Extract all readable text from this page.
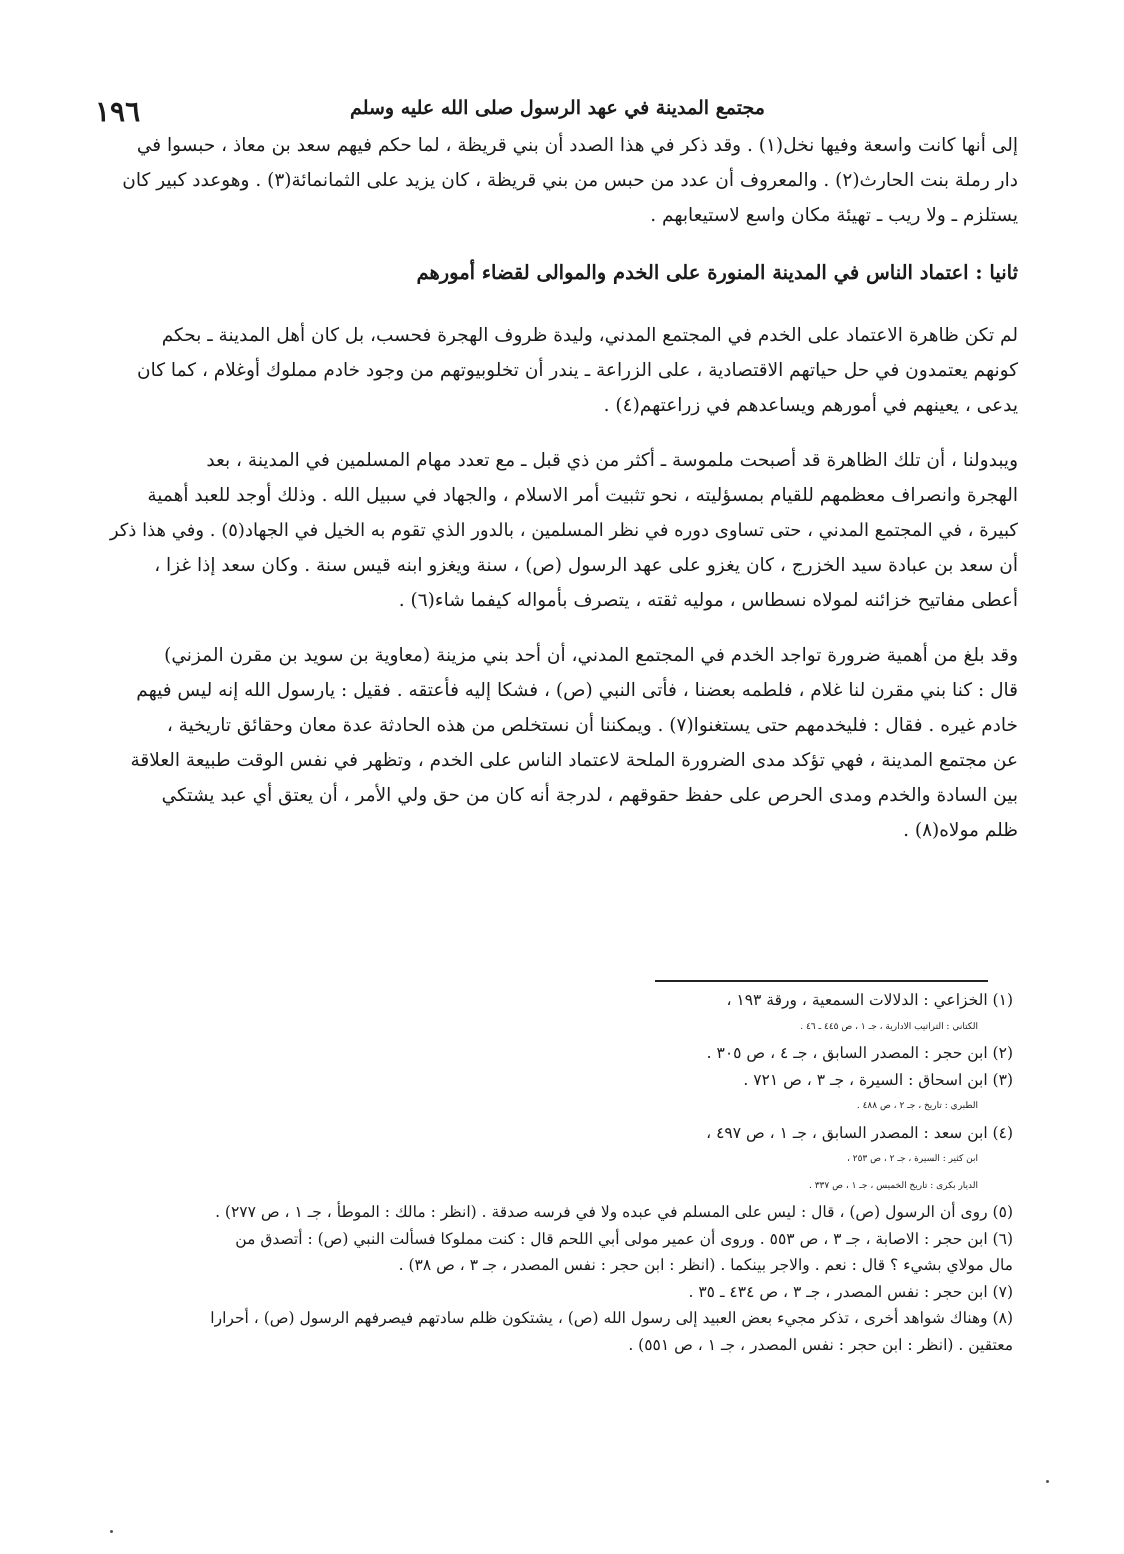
١٩٦	مجتمع المدينة في عهد الرسول صلى الله عليه وسلم

إلى أنها كانت واسعة وفيها نخل(١) . وقد ذكر في هذا الصدد أن بني قريظة ، لما حكم فيهم سعد بن معاذ ، حبسوا في

دار رملة بنت الحارث(٢) . والمعروف أن عدد من حبس من بني قريظة ، كان يزيد على الثمانمائة(٣) . وهوعدد كبير كان

يستلزم ـ ولا ريب ـ تهيئة مكان واسع لاستيعابهم .

ثانيا : اعتماد الناس في المدينة المنورة على الخدم والموالى لقضاء أمورهم

لم تكن ظاهرة الاعتماد على الخدم في المجتمع المدني، وليدة ظروف الهجرة فحسب، بل كان أهل المدينة ـ بحكم

كونهم يعتمدون في حل حياتهم الاقتصادية ، على الزراعة ـ يندر أن تخلوبيوتهم من وجود خادم مملوك أوغلام ، كما كان

يدعى ، يعينهم في أمورهم ويساعدهم في زراعتهم(٤) .

ويبدولنا ، أن تلك الظاهرة قد أصبحت ملموسة ـ أكثر من ذي قبل ـ مع تعدد مهام المسلمين في المدينة ، بعد

الهجرة وانصراف معظمهم للقيام بمسؤليته ، نحو تثبيت أمر الاسلام ، والجهاد في سبيل الله . وذلك أوجد للعبد أهمية

كبيرة ، في المجتمع المدني ، حتى تساوى دوره في نظر المسلمين ، بالدور الذي تقوم به الخيل في الجهاد(٥) . وفي هذا ذكر

أن سعد بن عبادة سيد الخزرج ، كان يغزو على عهد الرسول (ص) ، سنة ويغزو ابنه قيس سنة . وكان سعد إذا غزا ،

أعطى مفاتيح خزائنه لمولاه نسطاس ، موليه ثقته ، يتصرف بأمواله كيفما شاء(٦) .

وقد بلغ من أهمية ضرورة تواجد الخدم في المجتمع المدني، أن أحد بني مزينة (معاوية بن سويد بن مقرن المزني)

قال : كنا بني مقرن لنا غلام ، فلطمه بعضنا ، فأتى النبي (ص) ، فشكا إليه فأعتقه . فقيل : يارسول الله إنه ليس فيهم

خادم غيره . فقال : فليخدمهم حتى يستغنوا(٧) . ويمكننا أن نستخلص من هذه الحادثة عدة معان وحقائق تاريخية ،

عن مجتمع المدينة ، فهي تؤكد مدى الضرورة الملحة لاعتماد الناس على الخدم ، وتظهر في نفس الوقت طبيعة العلاقة

بين السادة والخدم ومدى الحرص على حفظ حقوقهم ، لدرجة أنه كان من حق ولي الأمر ، أن يعتق أي عبد يشتكي

ظلم مولاه(٨) .

(١) الخزاعي : الدلالات السمعية ، ورقة ١٩٣ ،

الكتاني : التراتيب الادارية ، جـ ١ ، ص ٤٤٥ ـ ٤٦ .

(٢) ابن حجر : المصدر السابق ، جـ ٤ ، ص ٣٠٥ .

(٣) ابن اسحاق : السيرة ، جـ ٣ ، ص ٧٢١ .

الطبري : تاريخ ، جـ ٢ ، ص ٤٨٨ .

(٤) ابن سعد : المصدر السابق ، جـ ١ ، ص ٤٩٧ ،

ابن كثير : السيرة ، جـ ٢ ، ص ٢٥٣ ،

الديار بكرى : تاريخ الخميس ، جـ ١ ، ص ٣٣٧ .

(٥) روى أن الرسول (ص) ، قال : ليس على المسلم في عبده ولا في فرسه صدقة . (انظر : مالك : الموطأ ، جـ ١ ، ص ٢٧٧) .

(٦) ابن حجر : الاصابة ، جـ ٣ ، ص ٥٥٣ . وروى أن عمير مولى أبي اللحم قال : كنت مملوكا فسألت النبي (ص) : أتصدق من

مال مولاي بشيء ؟ قال : نعم . والاجر بينكما . (انظر : ابن حجر : نفس المصدر ، جـ ٣ ، ص ٣٨) .

(٧) ابن حجر : نفس المصدر ، جـ ٣ ، ص ٤٣٤ ـ ٣٥ .

(٨) وهناك شواهد أخرى ، تذكر مجيء بعض العبيد إلى رسول الله (ص) ، يشتكون ظلم سادتهم فيصرفهم الرسول (ص) ، أحرارا

معتقين . (انظر : ابن حجر : نفس المصدر ، جـ ١ ، ص ٥٥١) .
